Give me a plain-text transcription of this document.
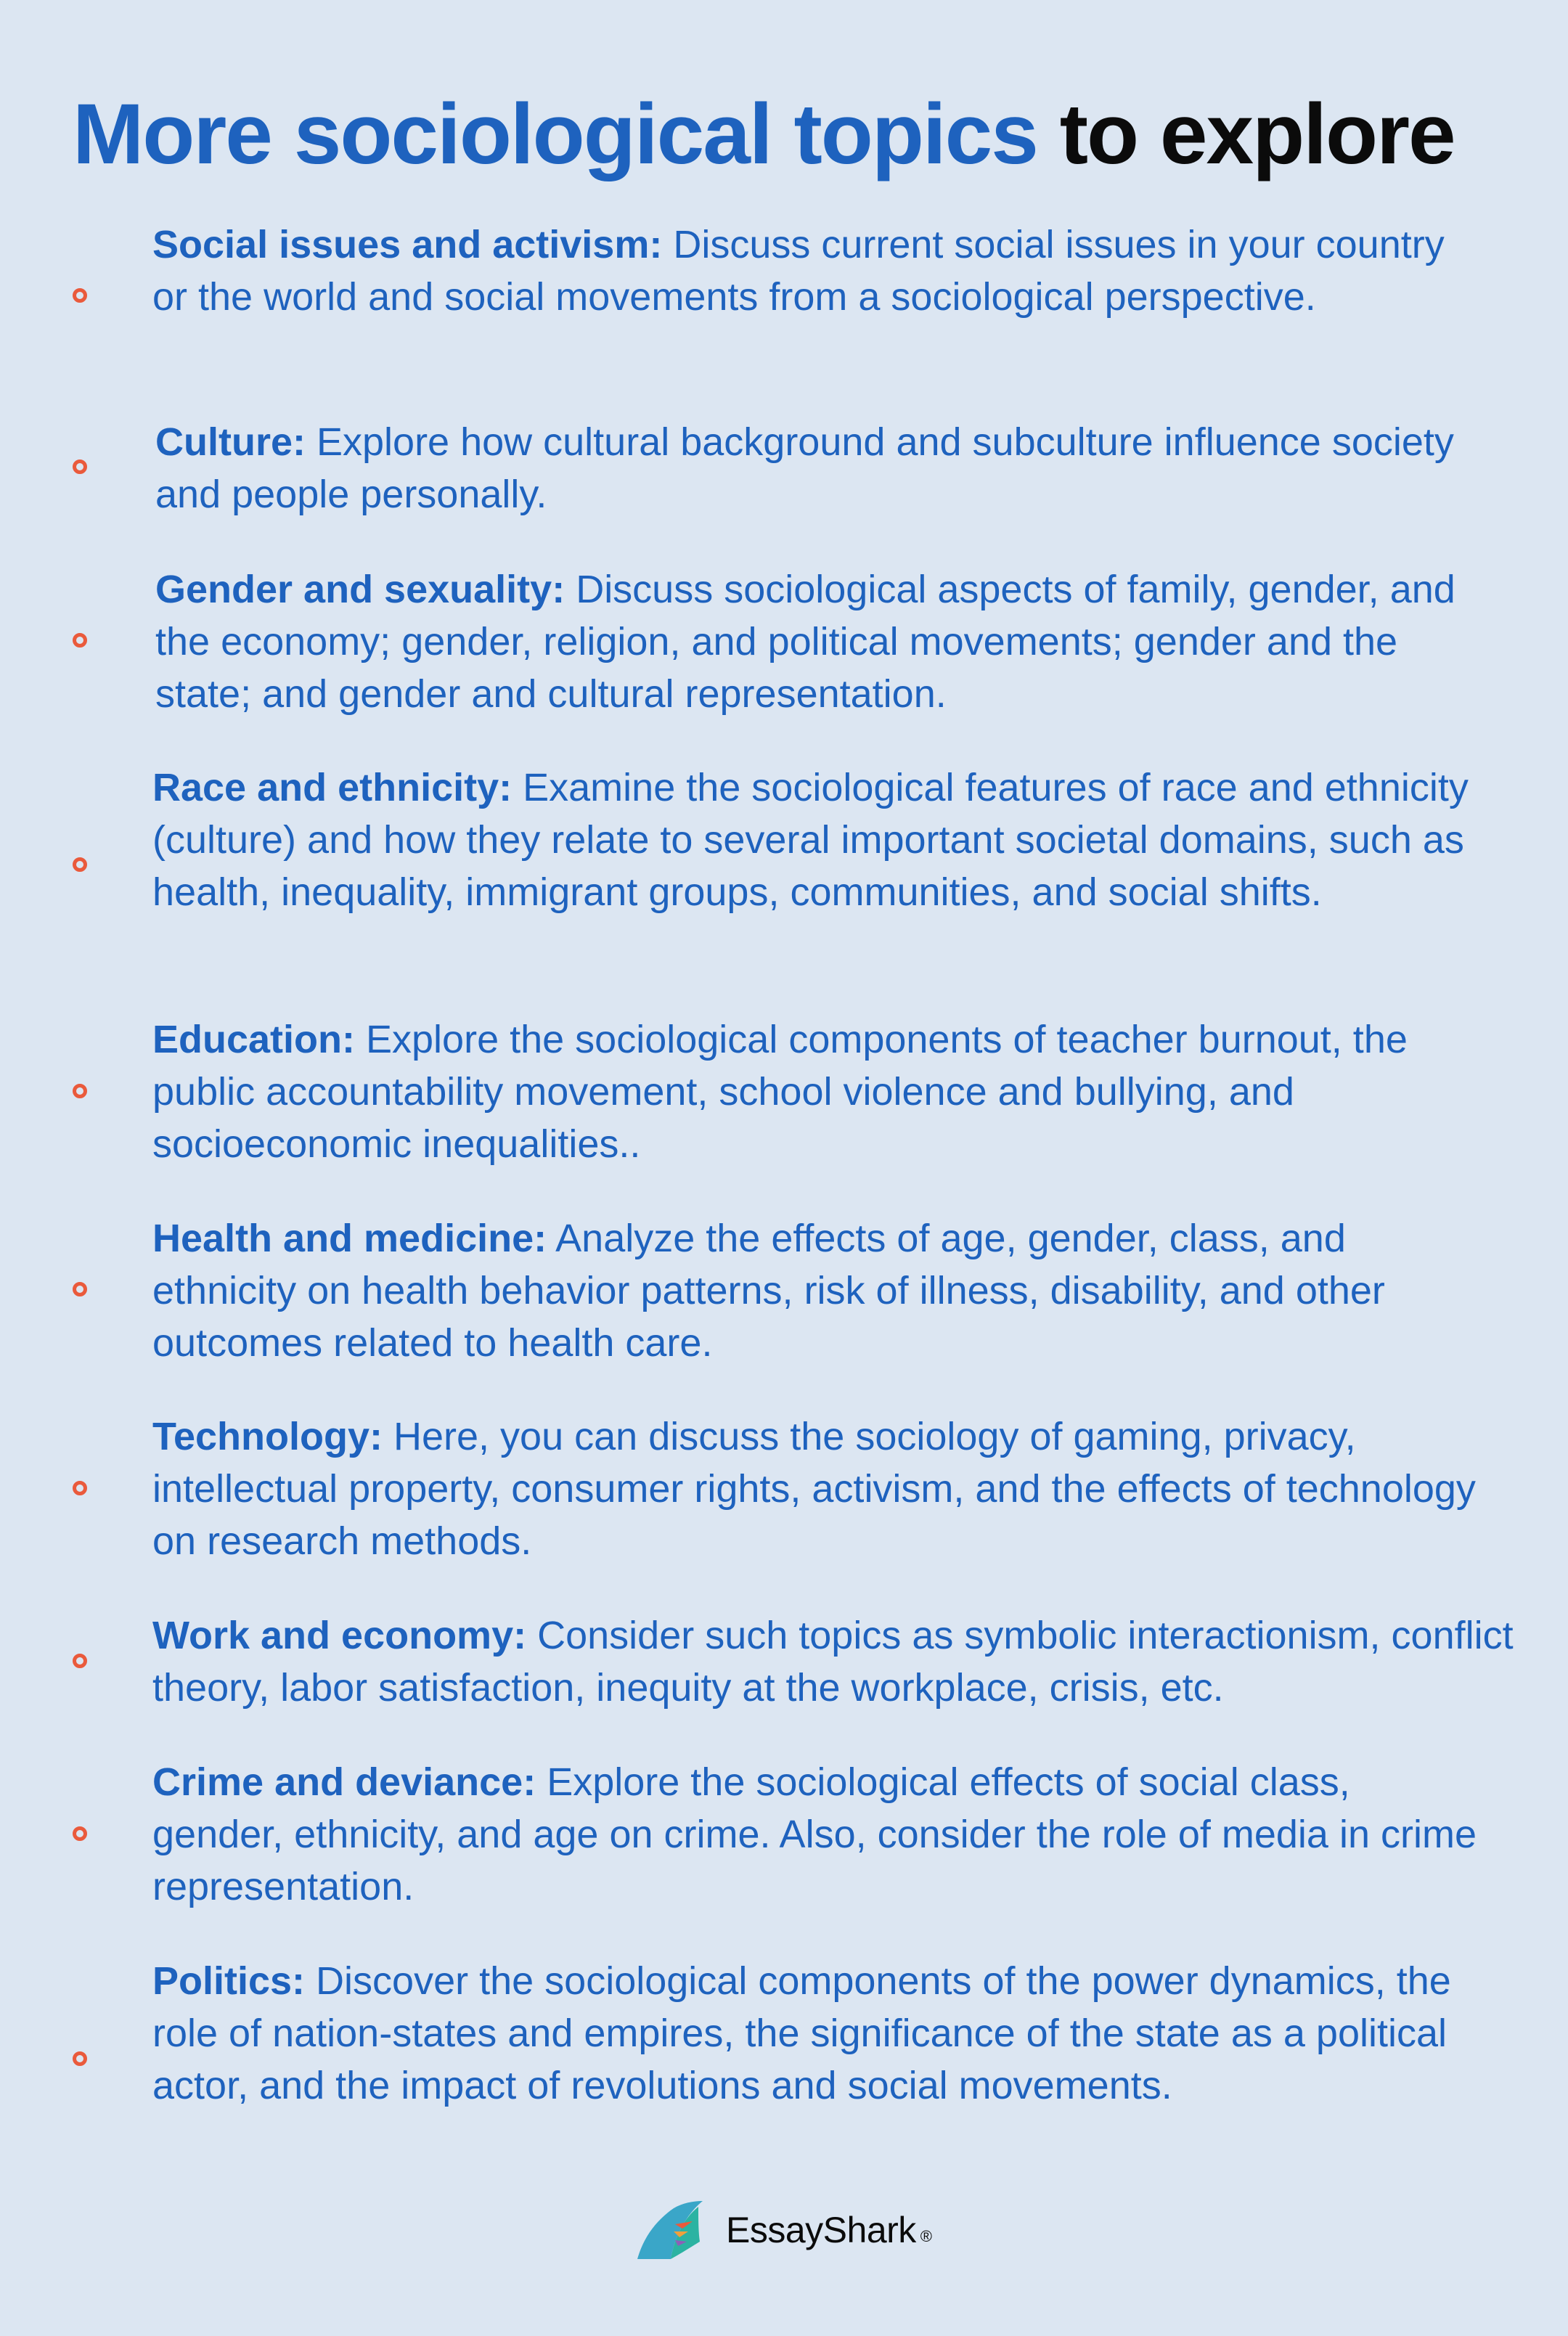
More sociological topics to explore

Social issues and activism: Discuss current social issues in your country or the world and social movements from a sociological perspective.

Culture: Explore how cultural background and subculture influence society and people personally.

Gender and sexuality: Discuss sociological aspects of family, gender, and the economy; gender, religion, and political movements; gender and the state; and gender and cultural representation.

Race and ethnicity: Examine the sociological features of race and ethnicity (culture) and how they relate to several important societal domains, such as health, inequality, immigrant groups, communities, and social shifts.

Education: Explore the sociological components of teacher burnout, the public accountability movement, school violence and bullying, and socioeconomic inequalities..

Health and medicine: Analyze the effects of age, gender, class, and ethnicity on health behavior patterns, risk of illness, disability, and other outcomes related to health care.

Technology: Here, you can discuss the sociology of gaming, privacy, intellectual property, consumer rights, activism, and the effects of technology on research methods.

Work and economy: Consider such topics as symbolic interactionism, conflict theory, labor satisfaction, inequity at the workplace, crisis, etc.

Crime and deviance: Explore the sociological effects of social class, gender, ethnicity, and age on crime. Also, consider the role of media in crime representation.

Politics: Discover the sociological components of the power dynamics, the role of nation-states and empires, the significance of the state as a political actor, and the impact of revolutions and social movements.

EssayShark ®
